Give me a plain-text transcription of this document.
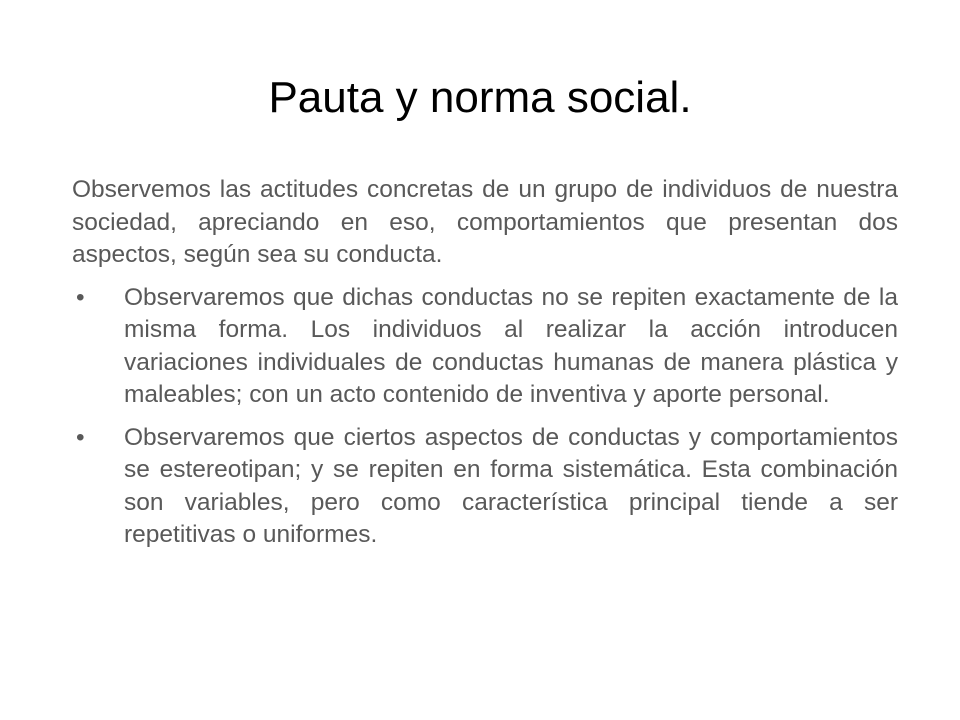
Pauta y norma social.

Observemos las actitudes concretas de un grupo de individuos de nuestra sociedad, apreciando en eso, comportamientos que presentan dos aspectos, según sea su conducta.

• Observaremos que dichas conductas no se repiten exactamente de la misma forma. Los individuos al realizar la acción introducen variaciones individuales de conductas humanas de manera plástica y maleables; con un acto contenido de inventiva y aporte personal.
• Observaremos que ciertos aspectos de conductas y comportamientos se estereotipan; y se repiten en forma sistemática. Esta combinación son variables, pero como característica principal tiende a ser repetitivas o uniformes.
